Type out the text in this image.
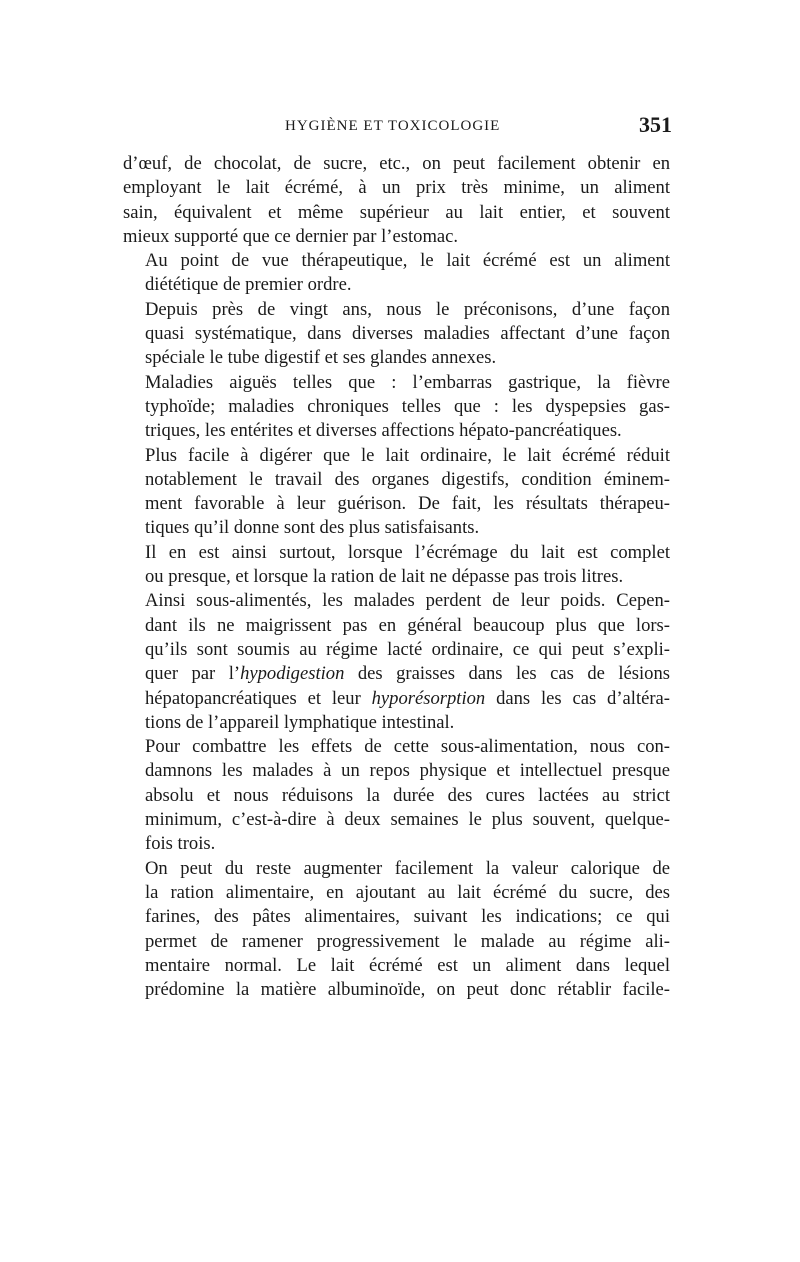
HYGIÈNE ET TOXICOLOGIE	351

d’œuf, de chocolat, de sucre, etc., on peut facilement obtenir en
employant le lait écrémé, à un prix très minime, un aliment
sain, équivalent et même supérieur au lait entier, et souvent
mieux supporté que ce dernier par l’estomac.

Au point de vue thérapeutique, le lait écrémé est un aliment
diététique de premier ordre.

Depuis près de vingt ans, nous le préconisons, d’une façon
quasi systématique, dans diverses maladies affectant d’une façon
spéciale le tube digestif et ses glandes annexes.

Maladies aiguës telles que : l’embarras gastrique, la fièvre
typhoïde; maladies chroniques telles que : les dyspepsies gas-
triques, les entérites et diverses affections hépato-pancréatiques.

Plus facile à digérer que le lait ordinaire, le lait écrémé réduit
notablement le travail des organes digestifs, condition éminem-
ment favorable à leur guérison. De fait, les résultats thérapeu-
tiques qu’il donne sont des plus satisfaisants.

Il en est ainsi surtout, lorsque l’écrémage du lait est complet
ou presque, et lorsque la ration de lait ne dépasse pas trois litres.

Ainsi sous-alimentés, les malades perdent de leur poids. Cepen-
dant ils ne maigrissent pas en général beaucoup plus que lors-
qu’ils sont soumis au régime lacté ordinaire, ce qui peut s’expli-
quer par l’hypodigestion des graisses dans les cas de lésions
hépatopancréatiques et leur hyporésorption dans les cas d’altéra-
tions de l’appareil lymphatique intestinal.

Pour combattre les effets de cette sous-alimentation, nous con-
damnons les malades à un repos physique et intellectuel presque
absolu et nous réduisons la durée des cures lactées au strict
minimum, c’est-à-dire à deux semaines le plus souvent, quelque-
fois trois.

On peut du reste augmenter facilement la valeur calorique de
la ration alimentaire, en ajoutant au lait écrémé du sucre, des
farines, des pâtes alimentaires, suivant les indications; ce qui
permet de ramener progressivement le malade au régime ali-
mentaire normal. Le lait écrémé est un aliment dans lequel
prédomine la matière albuminoïde, on peut donc rétablir facile-
